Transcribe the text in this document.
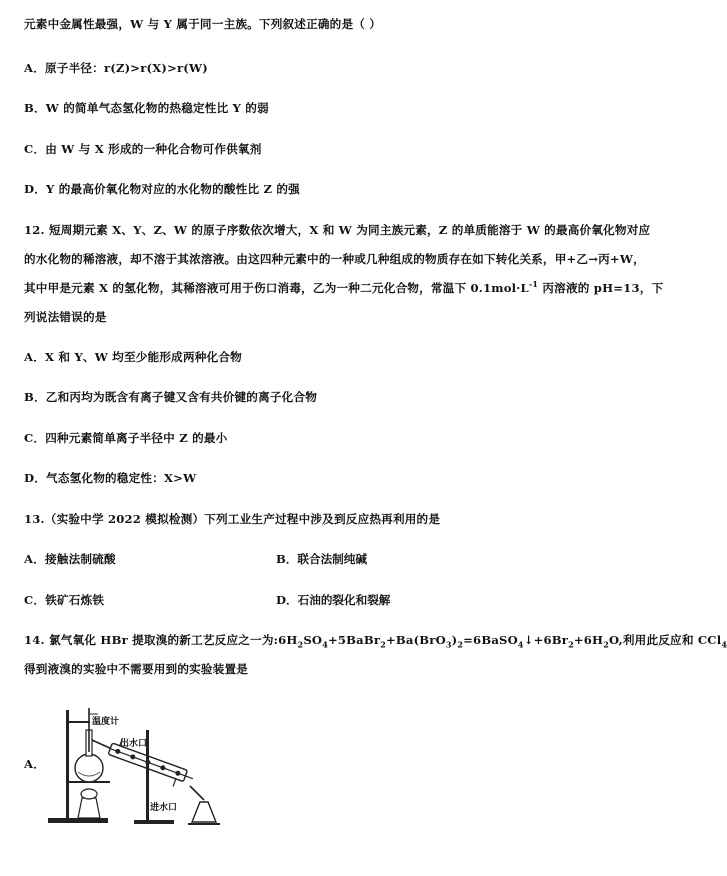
元素中金属性最强，W 与 Y 属于同一主族。下列叙述正确的是（ ）
A．原子半径：r(Z)>r(X)>r(W)
B．W 的简单气态氢化物的热稳定性比 Y 的弱
C．由 W 与 X 形成的一种化合物可作供氧剂
D．Y 的最高价氧化物对应的水化物的酸性比 Z 的强
12. 短周期元素 X、Y、Z、W 的原子序数依次增大，X 和 W 为同主族元素，Z 的单质能溶于 W 的最高价氧化物对应
的水化物的稀溶液，却不溶于其浓溶液。由这四种元素中的一种或几种组成的物质存在如下转化关系，甲+乙→丙+W，
其中甲是元素 X 的氢化物，其稀溶液可用于伤口消毒，乙为一种二元化合物，常温下 $0.1mol\cdot L^{-1}$ 丙溶液的 pH=13，下
列说法错误的是
A．X 和 Y、W 均至少能形成两种化合物
B．乙和丙均为既含有离子键又含有共价键的离子化合物
C．四种元素简单离子半径中 Z 的最小
D．气态氢化物的稳定性：X>W
13.（实验中学 2022 模拟检测）下列工业生产过程中涉及到反应热再利用的是
A．接触法制硫酸	B．联合法制纯碱
C．铁矿石炼铁	D．石油的裂化和裂解
14. 氯气氧化 HBr 提取溴的新工艺反应之一为$:6H_2SO_4+5BaBr_2+Ba(BrO_3)_2=6BaSO_4↓+6Br_2+6H_2O$,利用此反应和 CCl$_4$
得到液溴的实验中不需要用到的实验装置是
A．
温度计
出水口
进水口
